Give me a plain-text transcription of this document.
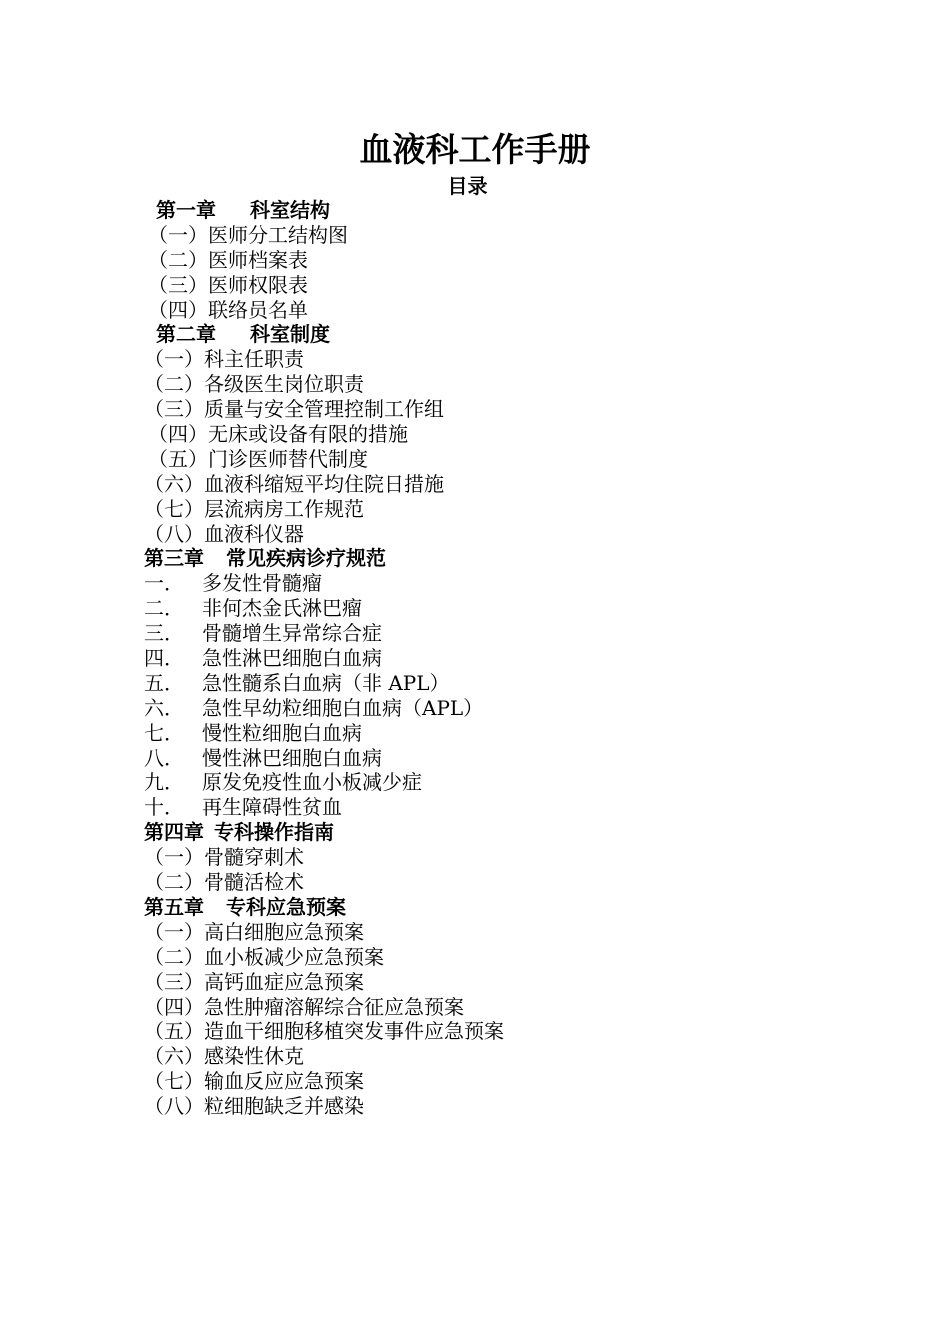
血液科工作手册
目录
第一章 科室结构
（一）医师分工结构图
（二）医师档案表
（三）医师权限表
（四）联络员名单
第二章 科室制度
（一）科主任职责
（二）各级医生岗位职责
（三）质量与安全管理控制工作组
（四）无床或设备有限的措施
（五）门诊医师替代制度
（六）血液科缩短平均住院日措施
（七）层流病房工作规范
（八）血液科仪器
第三章 常见疾病诊疗规范
一． 多发性骨髓瘤
二． 非何杰金氏淋巴瘤
三． 骨髓增生异常综合症
四． 急性淋巴细胞白血病
五． 急性髓系白血病（非 APL）
六． 急性早幼粒细胞白血病（APL）
七． 慢性粒细胞白血病
八． 慢性淋巴细胞白血病
九． 原发免疫性血小板减少症
十． 再生障碍性贫血
第四章 专科操作指南
（一）骨髓穿刺术
（二）骨髓活检术
第五章 专科应急预案
（一）高白细胞应急预案
（二）血小板减少应急预案
（三）高钙血症应急预案
（四）急性肿瘤溶解综合征应急预案
（五）造血干细胞移植突发事件应急预案
（六）感染性休克
（七）输血反应应急预案
（八）粒细胞缺乏并感染
